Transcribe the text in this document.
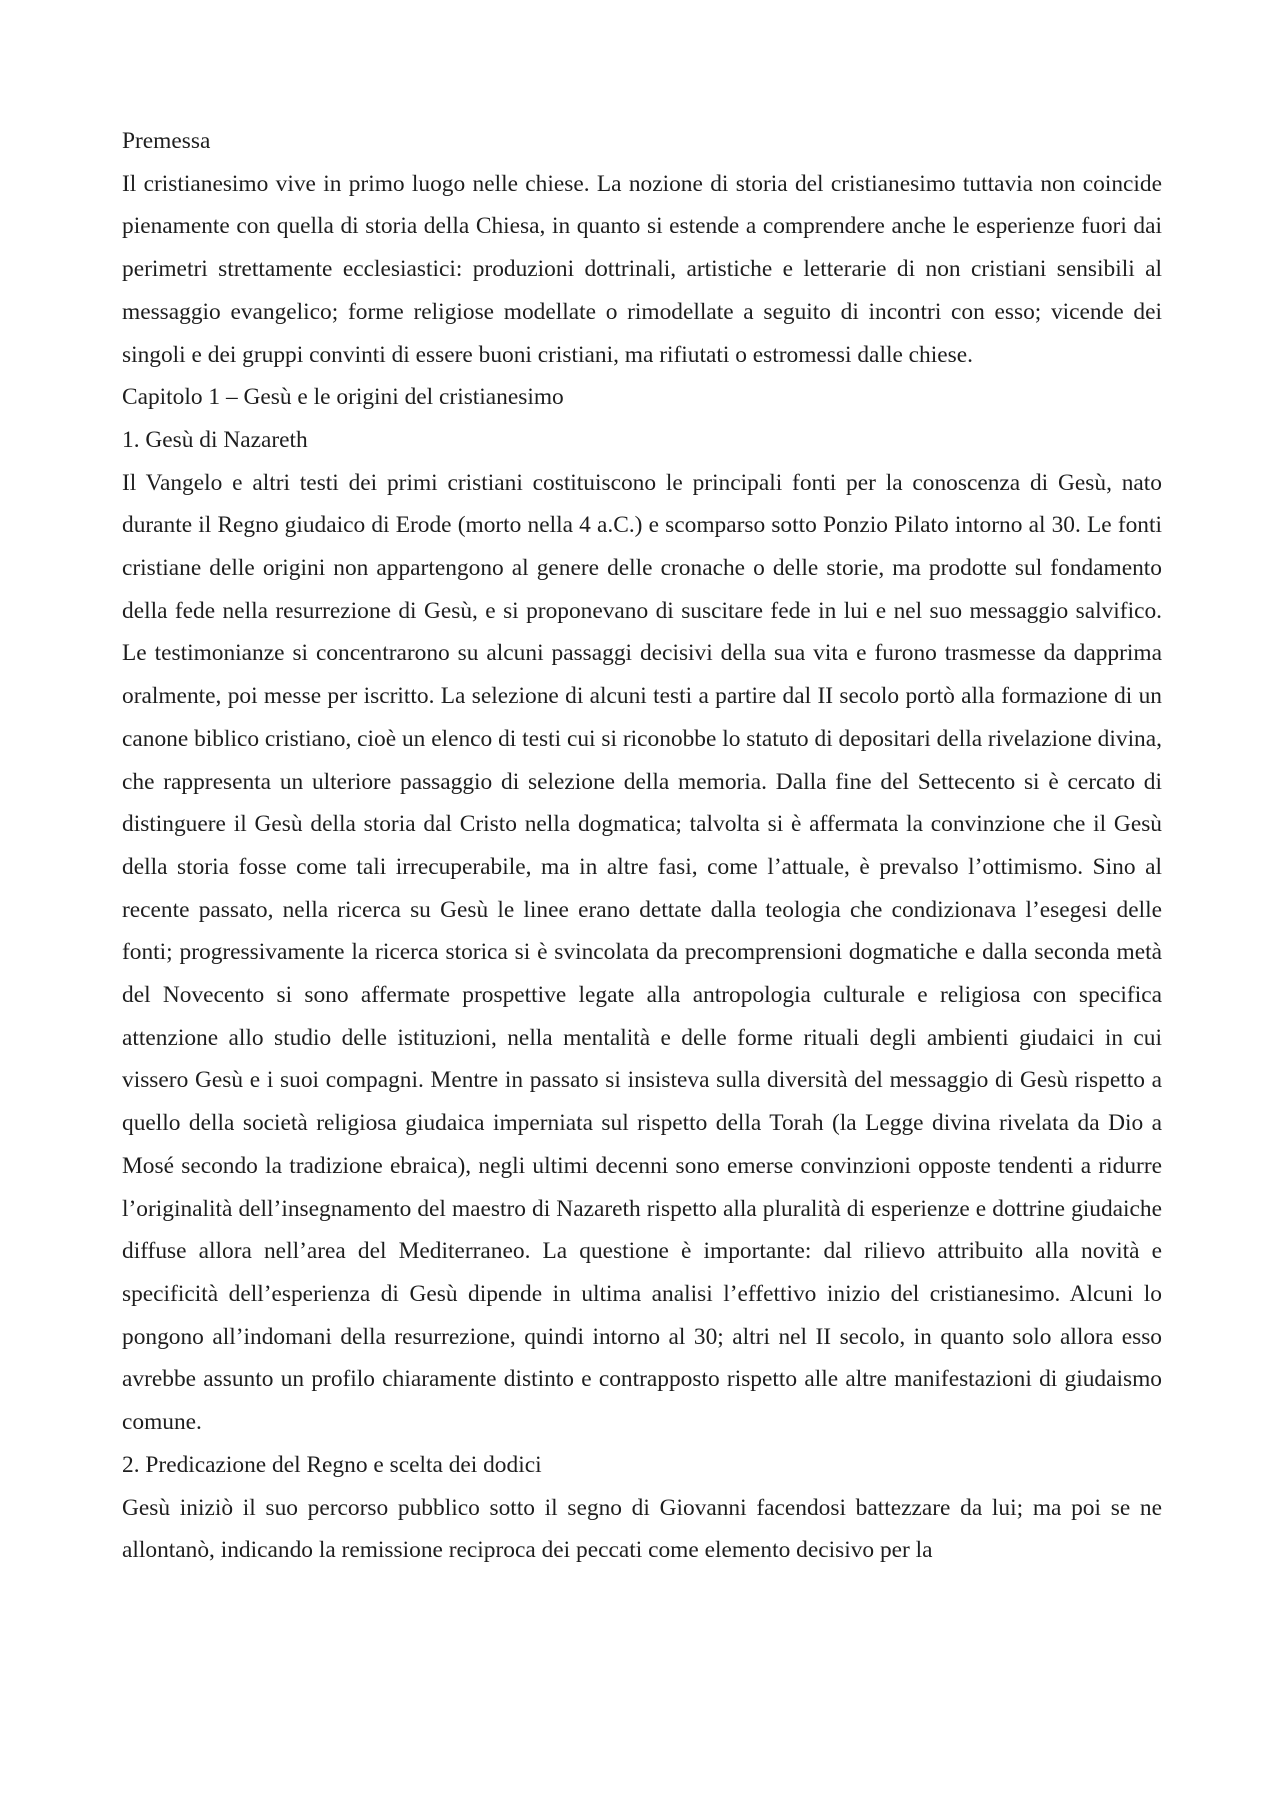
Premessa

Il cristianesimo vive in primo luogo nelle chiese. La nozione di storia del cristianesimo tuttavia non coincide pienamente con quella di storia della Chiesa, in quanto si estende a comprendere anche le esperienze fuori dai perimetri strettamente ecclesiastici: produzioni dottrinali, artistiche e letterarie di non cristiani sensibili al messaggio evangelico; forme religiose modellate o rimodellate a seguito di incontri con esso; vicende dei singoli e dei gruppi convinti di essere buoni cristiani, ma rifiutati o estromessi dalle chiese.

Capitolo 1 – Gesù e le origini del cristianesimo

1. Gesù di Nazareth

Il Vangelo e altri testi dei primi cristiani costituiscono le principali fonti per la conoscenza di Gesù, nato durante il Regno giudaico di Erode (morto nella 4 a.C.) e scomparso sotto Ponzio Pilato intorno al 30. Le fonti cristiane delle origini non appartengono al genere delle cronache o delle storie, ma prodotte sul fondamento della fede nella resurrezione di Gesù, e si proponevano di suscitare fede in lui e nel suo messaggio salvifico. Le testimonianze si concentrarono su alcuni passaggi decisivi della sua vita e furono trasmesse da dapprima oralmente, poi messe per iscritto. La selezione di alcuni testi a partire dal II secolo portò alla formazione di un canone biblico cristiano, cioè un elenco di testi cui si riconobbe lo statuto di depositari della rivelazione divina, che rappresenta un ulteriore passaggio di selezione della memoria. Dalla fine del Settecento si è cercato di distinguere il Gesù della storia dal Cristo nella dogmatica; talvolta si è affermata la convinzione che il Gesù della storia fosse come tali irrecuperabile, ma in altre fasi, come l’attuale, è prevalso l’ottimismo. Sino al recente passato, nella ricerca su Gesù le linee erano dettate dalla teologia che condizionava l’esegesi delle fonti; progressivamente la ricerca storica si è svincolata da precomprensioni dogmatiche e dalla seconda metà del Novecento si sono affermate prospettive legate alla antropologia culturale e religiosa con specifica attenzione allo studio delle istituzioni, nella mentalità e delle forme rituali degli ambienti giudaici in cui vissero Gesù e i suoi compagni. Mentre in passato si insisteva sulla diversità del messaggio di Gesù rispetto a quello della società religiosa giudaica imperniata sul rispetto della Torah (la Legge divina rivelata da Dio a Mosé secondo la tradizione ebraica), negli ultimi decenni sono emerse convinzioni opposte tendenti a ridurre l’originalità dell’insegnamento del maestro di Nazareth rispetto alla pluralità di esperienze e dottrine giudaiche diffuse allora nell’area del Mediterraneo. La questione è importante: dal rilievo attribuito alla novità e specificità dell’esperienza di Gesù dipende in ultima analisi l’effettivo inizio del cristianesimo. Alcuni lo pongono all’indomani della resurrezione, quindi intorno al 30; altri nel II secolo, in quanto solo allora esso avrebbe assunto un profilo chiaramente distinto e contrapposto rispetto alle altre manifestazioni di giudaismo comune.

2. Predicazione del Regno e scelta dei dodici

Gesù iniziò il suo percorso pubblico sotto il segno di Giovanni facendosi battezzare da lui; ma poi se ne allontanò, indicando la remissione reciproca dei peccati come elemento decisivo per la
